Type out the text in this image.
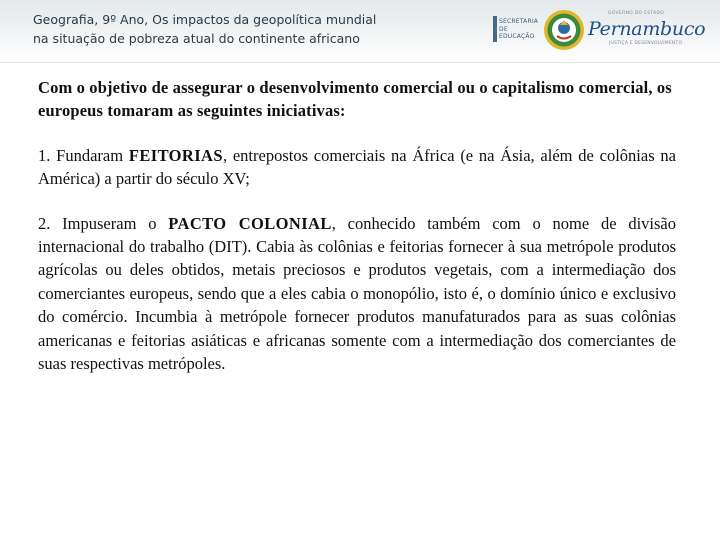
Geografia, 9º Ano, Os impactos da geopolítica mundial
na situação de pobreza atual do continente africano
SECRETARIA
DE EDUCAÇÃO
GOVERNO DO ESTADO
Pernambuco
JUSTIÇA E DESENVOLVIMENTO

Com o objetivo de assegurar o desenvolvimento comercial ou o capitalismo comercial, os europeus tomaram as seguintes iniciativas:

1. Fundaram FEITORIAS, entrepostos comerciais na África (e na Ásia, além de colônias na América) a partir do século XV;

2. Impuseram o PACTO COLONIAL, conhecido também com o nome de divisão internacional do trabalho (DIT). Cabia às colônias e feitorias fornecer à sua metrópole produtos agrícolas ou deles obtidos, metais preciosos e produtos vegetais, com a intermediação dos comerciantes europeus, sendo que a eles cabia o monopólio, isto é, o domínio único e exclusivo do comércio. Incumbia à metrópole fornecer produtos manufaturados para as suas colônias americanas e feitorias asiáticas e africanas somente com a intermediação dos comerciantes de suas respectivas metrópoles.
